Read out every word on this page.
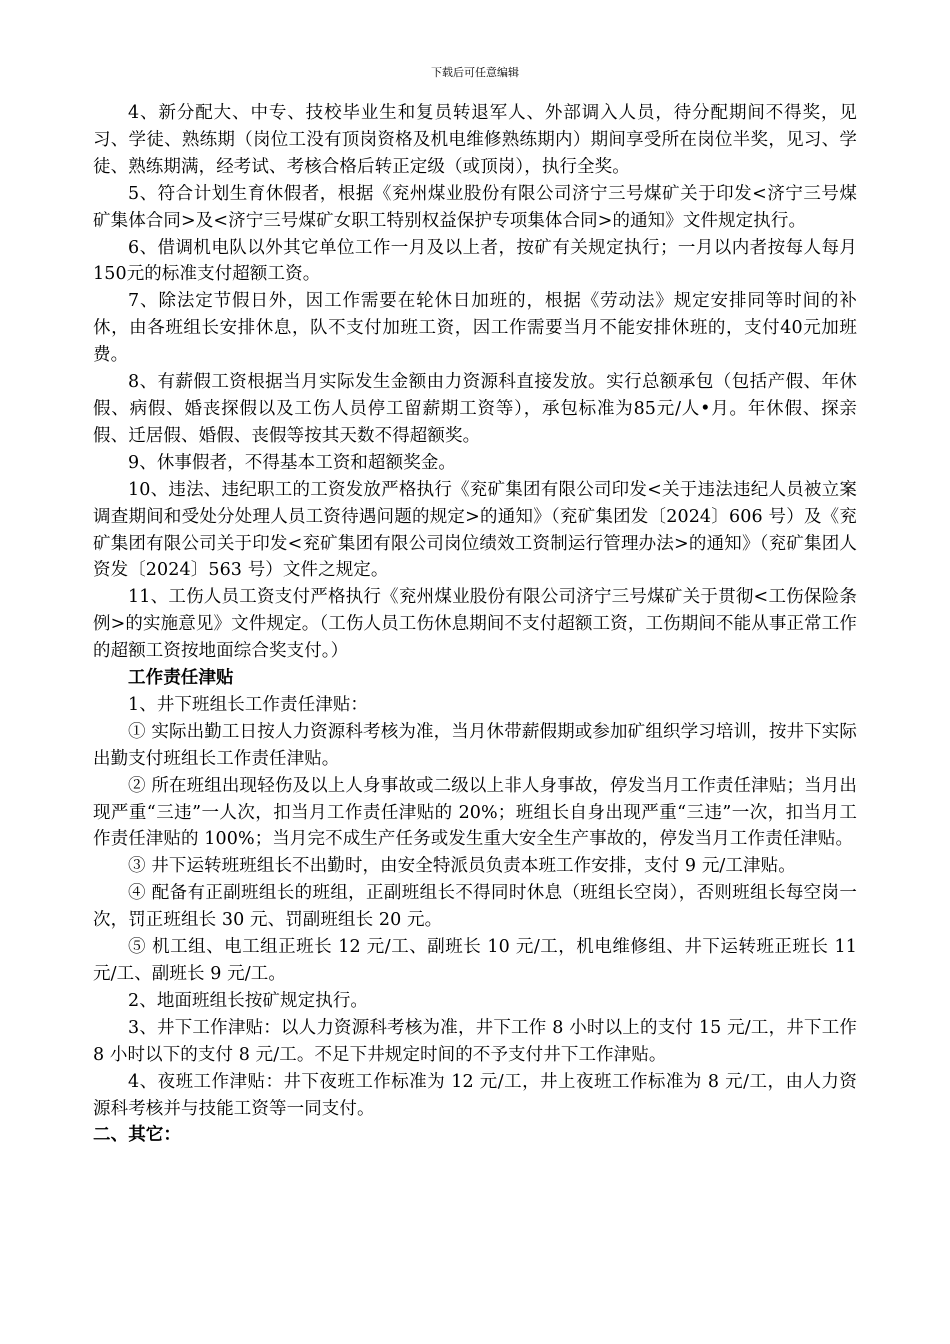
下载后可任意编辑

4、新分配大、中专、技校毕业生和复员转退军人、外部调入人员，待分配期间不得奖，见习、学徒、熟练期（岗位工没有顶岗资格及机电维修熟练期内）期间享受所在岗位半奖，见习、学徒、熟练期满，经考试、考核合格后转正定级（或顶岗），执行全奖。

5、符合计划生育休假者，根据《兖州煤业股份有限公司济宁三号煤矿关于印发<济宁三号煤矿集体合同>及<济宁三号煤矿女职工特别权益保护专项集体合同>的通知》文件规定执行。

6、借调机电队以外其它单位工作一月及以上者，按矿有关规定执行；一月以内者按每人每月150元的标准支付超额工资。

7、除法定节假日外，因工作需要在轮休日加班的，根据《劳动法》规定安排同等时间的补休，由各班组长安排休息，队不支付加班工资，因工作需要当月不能安排休班的，支付40元加班费。

8、有薪假工资根据当月实际发生金额由力资源科直接发放。实行总额承包（包括产假、年休假、病假、婚丧探假以及工伤人员停工留薪期工资等），承包标准为85元/人•月。年休假、探亲假、迁居假、婚假、丧假等按其天数不得超额奖。

9、休事假者，不得基本工资和超额奖金。

10、违法、违纪职工的工资发放严格执行《兖矿集团有限公司印发<关于违法违纪人员被立案调查期间和受处分处理人员工资待遇问题的规定>的通知》（兖矿集团发〔2024〕606 号）及《兖矿集团有限公司关于印发<兖矿集团有限公司岗位绩效工资制运行管理办法>的通知》（兖矿集团人资发〔2024〕563 号）文件之规定。

11、工伤人员工资支付严格执行《兖州煤业股份有限公司济宁三号煤矿关于贯彻<工伤保险条例>的实施意见》文件规定。（工伤人员工伤休息期间不支付超额工资，工伤期间不能从事正常工作的超额工资按地面综合奖支付。）

工作责任津贴

1、井下班组长工作责任津贴：

① 实际出勤工日按人力资源科考核为准，当月休带薪假期或参加矿组织学习培训，按井下实际出勤支付班组长工作责任津贴。

② 所在班组出现轻伤及以上人身事故或二级以上非人身事故，停发当月工作责任津贴；当月出现严重“三违”一人次，扣当月工作责任津贴的 20%；班组长自身出现严重“三违”一次，扣当月工作责任津贴的 100%；当月完不成生产任务或发生重大安全生产事故的，停发当月工作责任津贴。

③ 井下运转班班组长不出勤时，由安全特派员负责本班工作安排，支付 9 元/工津贴。

④ 配备有正副班组长的班组，正副班组长不得同时休息（班组长空岗），否则班组长每空岗一次，罚正班组长 30 元、罚副班组长 20 元。

⑤ 机工组、电工组正班长 12 元/工、副班长 10 元/工，机电维修组、井下运转班正班长 11 元/工、副班长 9 元/工。

2、地面班组长按矿规定执行。

3、井下工作津贴：以人力资源科考核为准，井下工作 8 小时以上的支付 15 元/工，井下工作 8 小时以下的支付 8 元/工。不足下井规定时间的不予支付井下工作津贴。

4、夜班工作津贴：井下夜班工作标准为 12 元/工，井上夜班工作标准为 8 元/工，由人力资源科考核并与技能工资等一同支付。

二、其它：
